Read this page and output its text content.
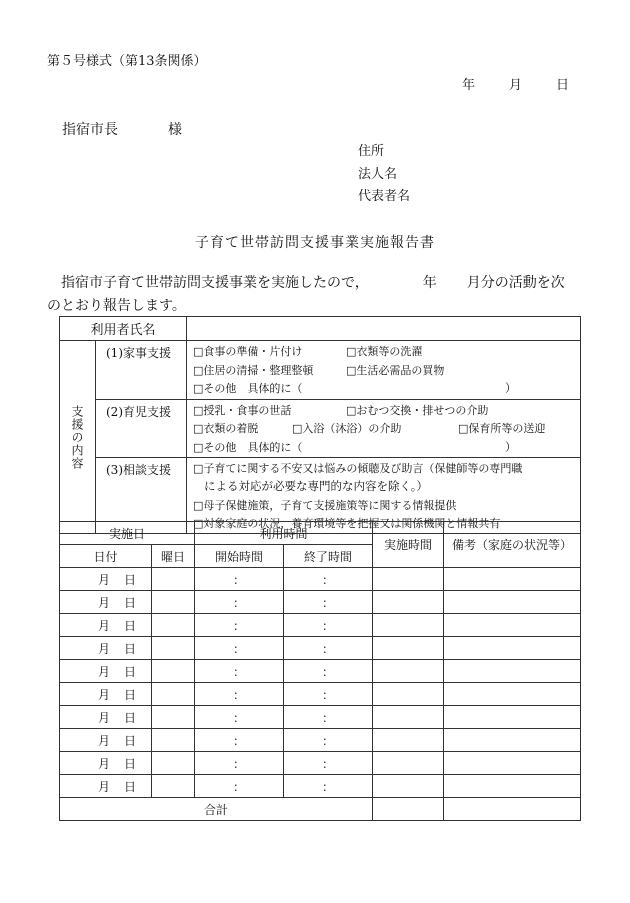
第５号様式（第13条関係）
年	月	日
指宿市長	様
住所
法人名
代表者名
子育て世帯訪問支援事業実施報告書
指宿市子育て世帯訪問支援事業を実施したので，	年 月分の活動を次
のとおり報告します。
利用者氏名		

支援の内容	(1)家事支援	□食事の準備・片付け □衣類等の洗濯
□住居の清掃・整理整頓 □生活必需品の買物
□その他　具体的に（ ）

	(2)育児支援	□授乳・食事の世話 □おむつ交換・排せつの介助
□衣類の着脱 □入浴（沐浴）の介助 □保育所等の送迎
□その他　具体的に（ ）

	(3)相談支援	□子育てに関する不安又は悩みの傾聴及び助言（保健師等の専門職
による対応が必要な専門的な内容を除く。）
□母子保健施策，子育て支援施策等に関する情報提供
□対象家庭の状況，養育環境等を把握又は関係機関と情報共有
実施日		利用時間		実施時間	備考（家庭の状況等）
日付	曜日	開始時間	終了時間		
月 日		：	：		
月 日		：	：		
月 日		：	：		
月 日		：	：		
月 日		：	：		
月 日		：	：		
月 日		：	：		
月 日		：	：		
月 日		：	：		
月 日		：	：		
合計					
